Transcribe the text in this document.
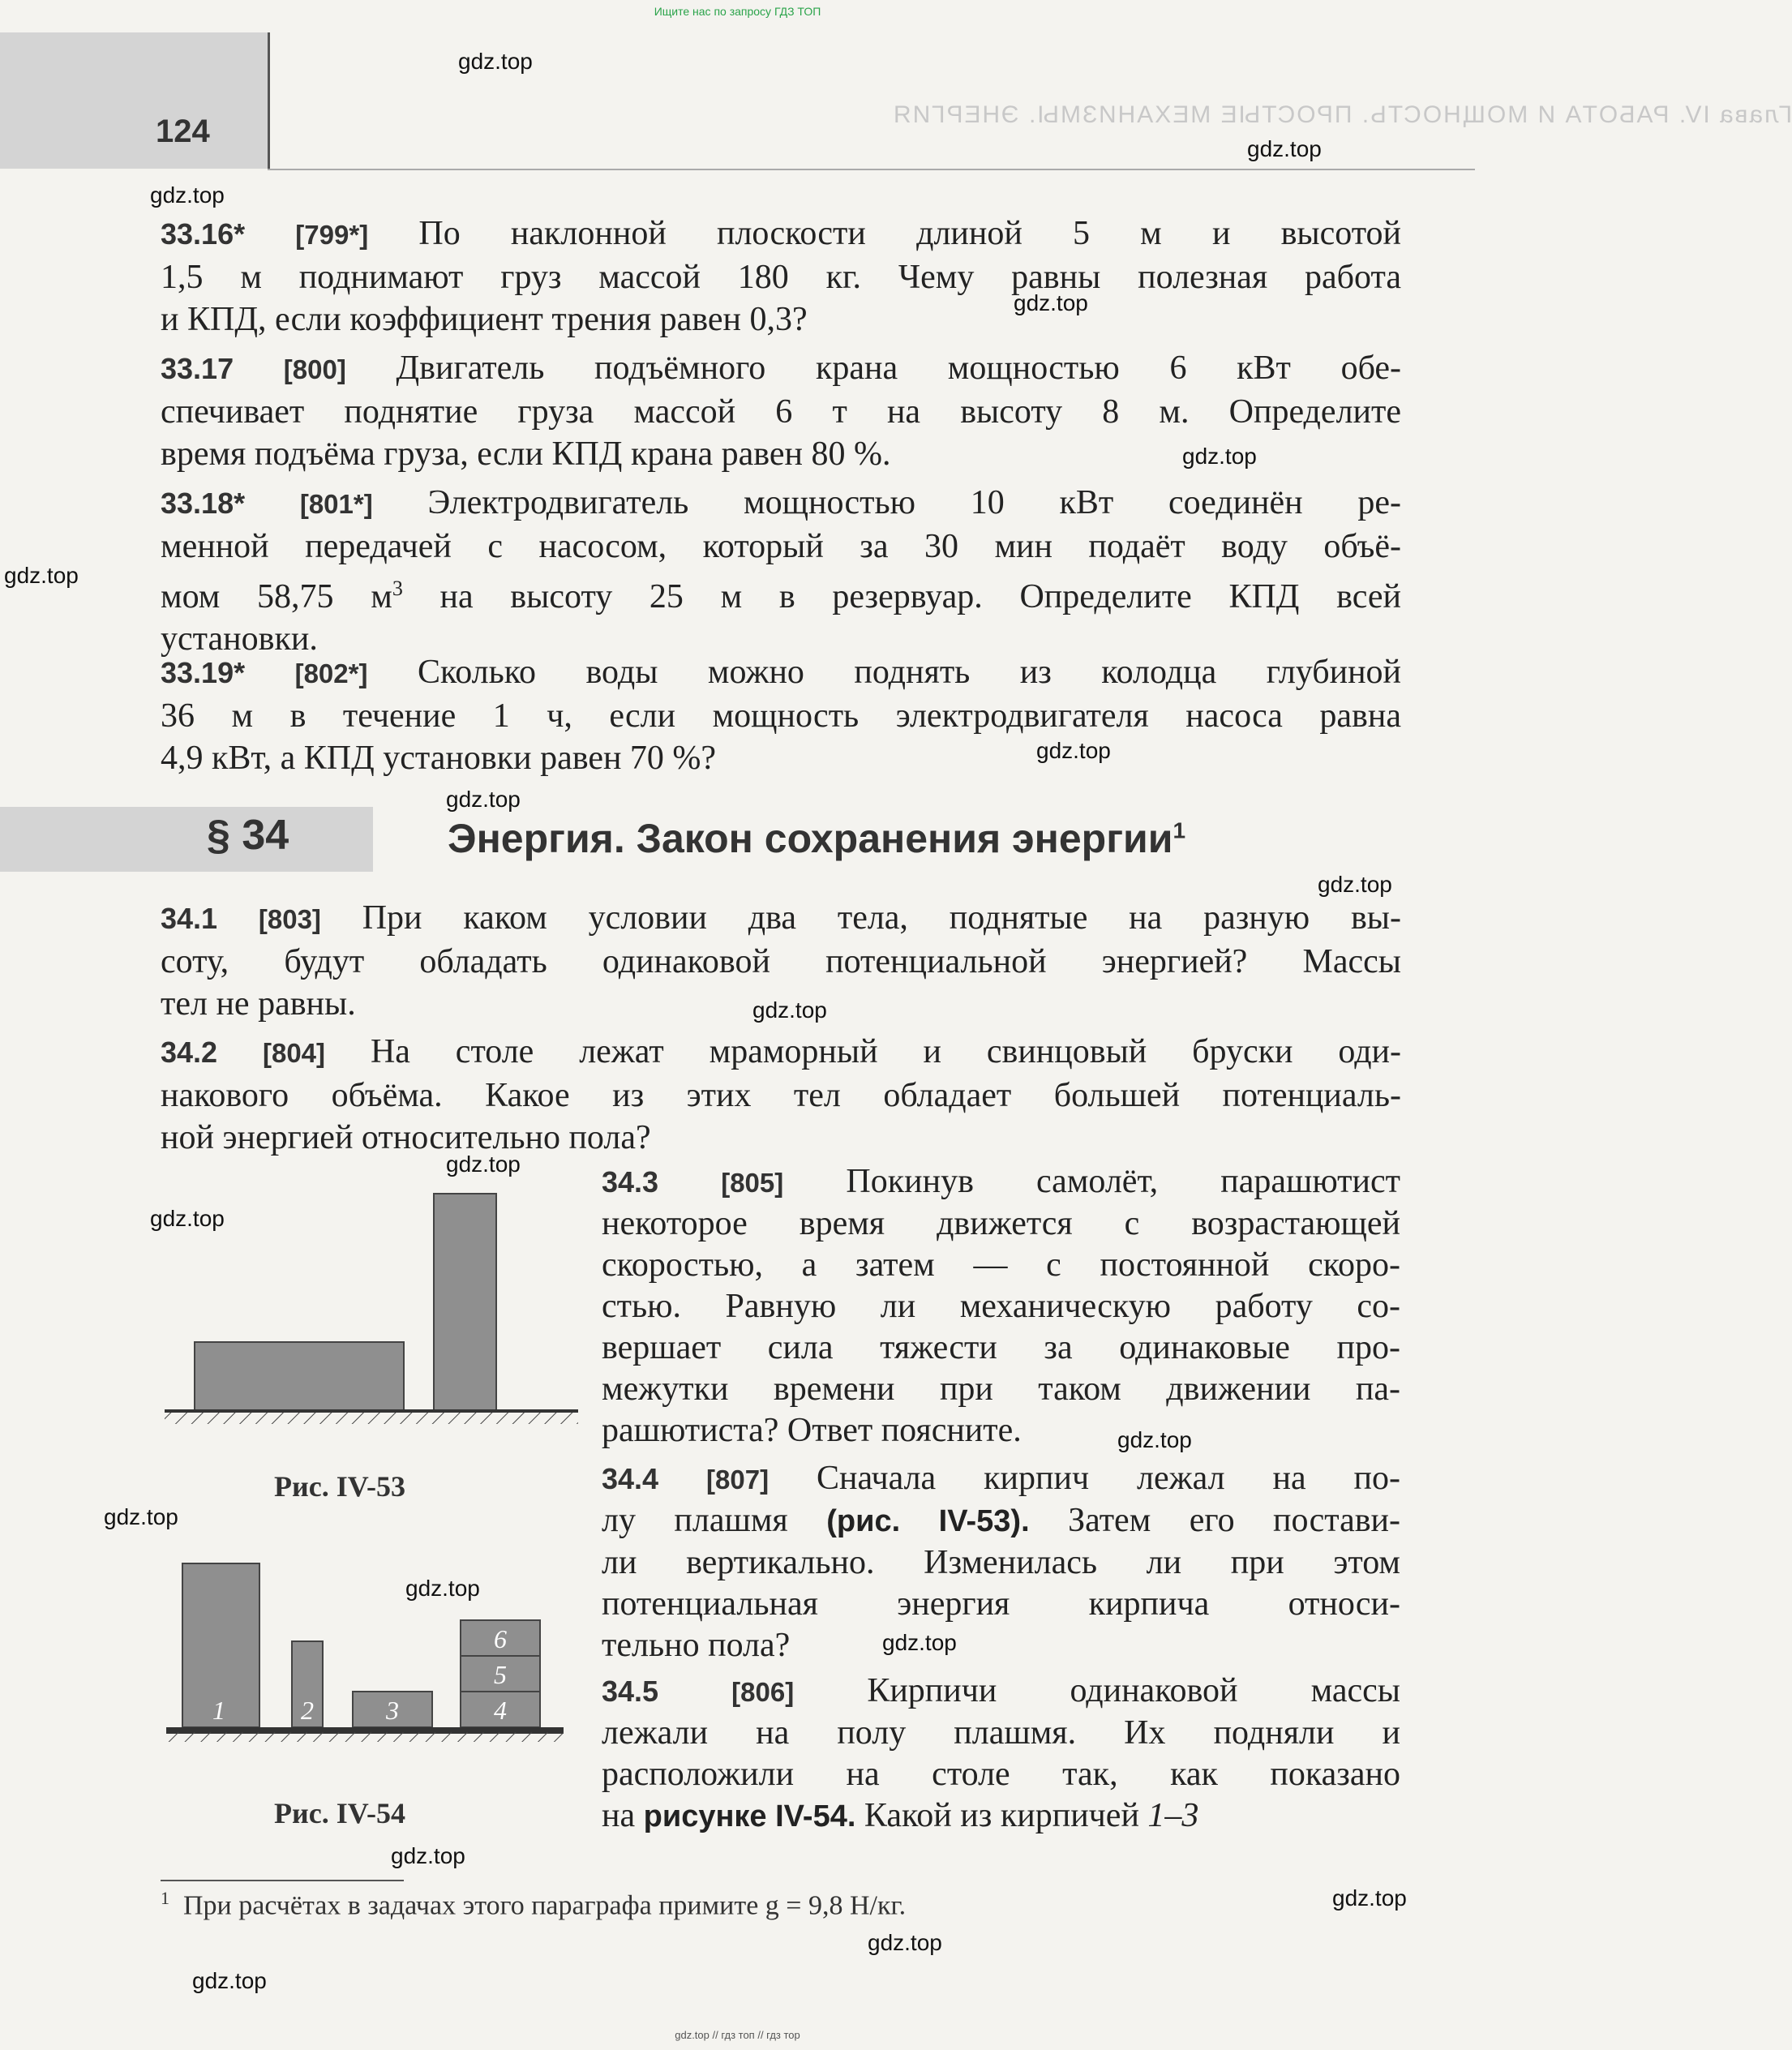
Ищите нас по запросу ГДЗ ТОП
124	Глава IV. РАБОТА И МОЩНОСТЬ. ПРОСТЫЕ МЕХАНИЗМЫ. ЭНЕРГИЯ
33.16* [799*] По наклонной плоскости длиной 5 м и высотой
1,5 м поднимают груз массой 180 кг. Чему равны полезная работа
и КПД, если коэффициент трения равен 0,3?
33.17 [800] Двигатель подъёмного крана мощностью 6 кВт обе-
спечивает поднятие груза массой 6 т на высоту 8 м. Определите
время подъёма груза, если КПД крана равен 80 %.
33.18* [801*] Электродвигатель мощностью 10 кВт соединён ре-
менной передачей с насосом, который за 30 мин подаёт воду объё-
мом 58,75 $м^3$ на высоту 25 м в резервуар. Определите КПД всей
установки.
33.19* [802*] Сколько воды можно поднять из колодца глубиной
36 м в течение 1 ч, если мощность электродвигателя насоса равна
4,9 кВт, а КПД установки равен 70 %?
§ 34	Энергия. Закон сохранения энергии$^1$
34.1 [803] При каком условии два тела, поднятые на разную вы-
соту, будут обладать одинаковой потенциальной энергией? Массы
тел не равны.
34.2 [804] На столе лежат мраморный и свинцовый бруски оди-
накового объёма. Какое из этих тел обладает большей потенциаль-
ной энергией относительно пола?
34.3 [805] Покинув самолёт, парашютист
некоторое время движется с возрастающей
скоростью, а затем — с постоянной скоро-
стью. Равную ли механическую работу со-
вершает сила тяжести за одинаковые про-
межутки времени при таком движении па-
рашютиста? Ответ поясните.
34.4 [807] Сначала кирпич лежал на по-
лу плашмя (рис. IV-53). Затем его постави-
ли вертикально. Изменилась ли при этом
потенциальная энергия кирпича относи-
тельно пола?
34.5	[806] Кирпичи одинаковой массы
лежали на полу плашмя. Их подняли и
расположили на столе так, как показано
на рисунке IV-54. Какой из кирпичей 1–3
Рис. IV-53
1	2	3	4
5
6
Рис. IV-54
$^1$ При расчётах в задачах этого параграфа примите g = 9,8 Н/кг.
gdz.top
gdz.top
gdz.top
gdz.top
gdz.top
gdz.top
gdz.top
gdz.top
gdz.top
gdz.top
gdz.top
gdz.top
gdz.top
gdz.top
gdz.top
gdz.top
gdz.top
gdz.top
gdz.top
gdz.top
gdz.top // гдз топ // гдз тор
